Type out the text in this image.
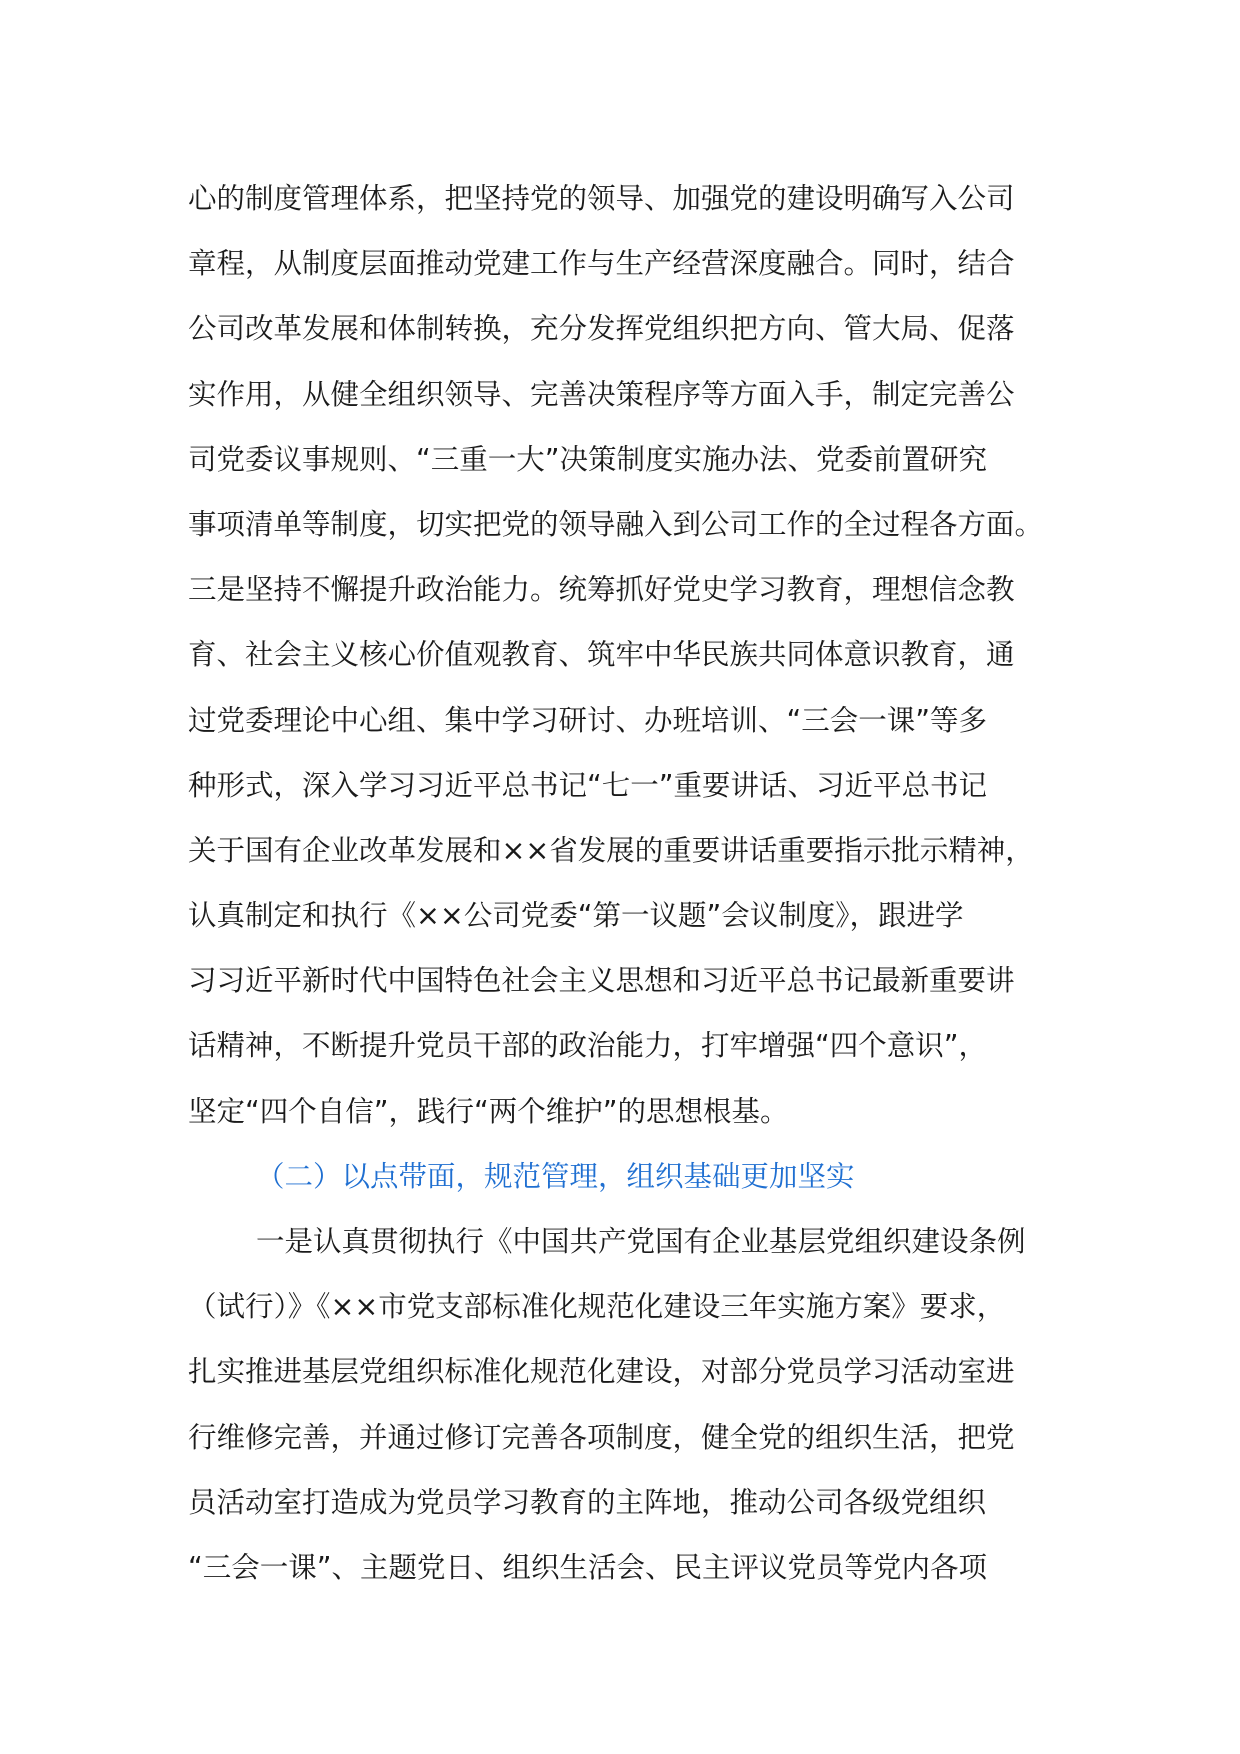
心的制度管理体系，把坚持党的领导、加强党的建设明确写入公司
章程，从制度层面推动党建工作与生产经营深度融合。同时，结合
公司改革发展和体制转换，充分发挥党组织把方向、管大局、促落
实作用，从健全组织领导、完善决策程序等方面入手，制定完善公
司党委议事规则、“三重一大”决策制度实施办法、党委前置研究
事项清单等制度，切实把党的领导融入到公司工作的全过程各方面。
三是坚持不懈提升政治能力。统筹抓好党史学习教育，理想信念教
育、社会主义核心价值观教育、筑牢中华民族共同体意识教育，通
过党委理论中心组、集中学习研讨、办班培训、“三会一课”等多
种形式，深入学习习近平总书记“七一”重要讲话、习近平总书记
关于国有企业改革发展和××省发展的重要讲话重要指示批示精神，
认真制定和执行《××公司党委“第一议题”会议制度》，跟进学
习习近平新时代中国特色社会主义思想和习近平总书记最新重要讲
话精神，不断提升党员干部的政治能力，打牢增强“四个意识”，
坚定“四个自信”，践行“两个维护”的思想根基。
（二）以点带面，规范管理，组织基础更加坚实
一是认真贯彻执行《中国共产党国有企业基层党组织建设条例
（试行）》《××市党支部标准化规范化建设三年实施方案》要求，
扎实推进基层党组织标准化规范化建设，对部分党员学习活动室进
行维修完善，并通过修订完善各项制度，健全党的组织生活，把党
员活动室打造成为党员学习教育的主阵地，推动公司各级党组织
“三会一课”、主题党日、组织生活会、民主评议党员等党内各项
